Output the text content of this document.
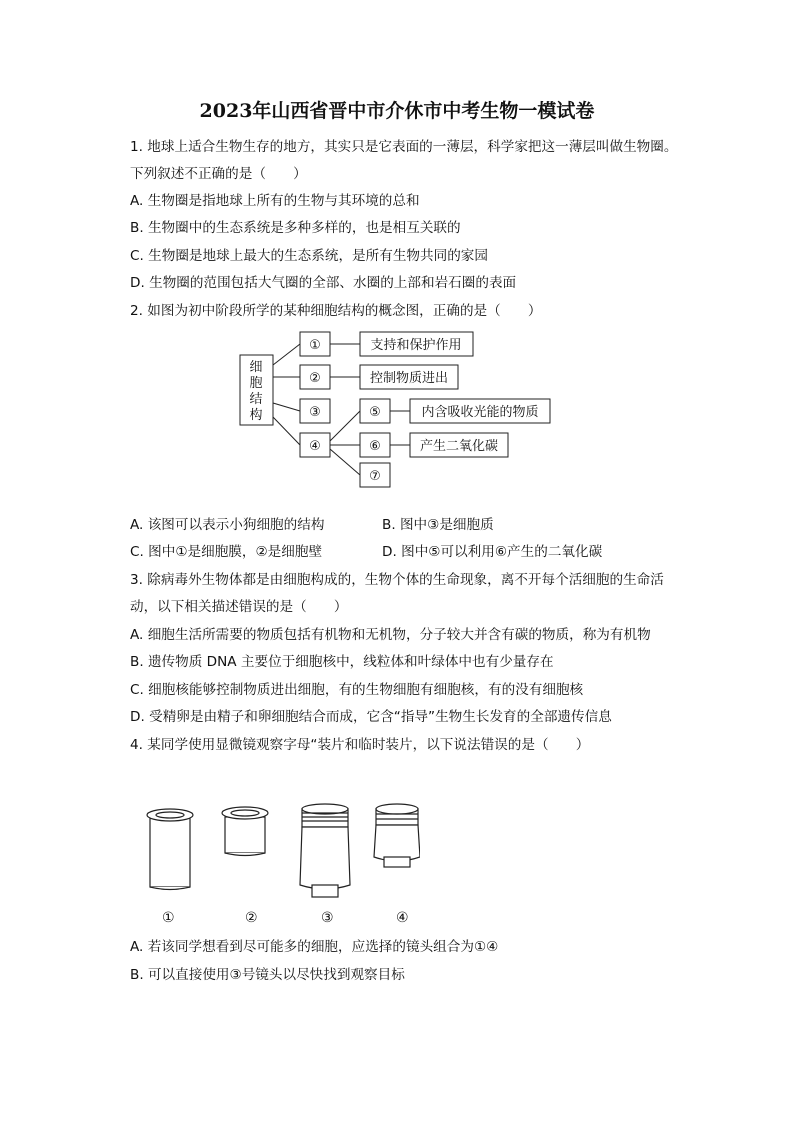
2023年山西省晋中市介休市中考生物一模试卷
1. 地球上适合生物生存的地方，其实只是它表面的一薄层，科学家把这一薄层叫做生物圈。
下列叙述不正确的是（　　）
A. 生物圈是指地球上所有的生物与其环境的总和
B. 生物圈中的生态系统是多种多样的，也是相互关联的
C. 生物圈是地球上最大的生态系统，是所有生物共同的家园
D. 生物圈的范围包括大气圈的全部、水圈的上部和岩石圈的表面
2. 如图为初中阶段所学的某种细胞结构的概念图，正确的是（　　）
细
胞
结
构
①
②
③
④
⑤
⑥
⑦
支持和保护作用
控制物质进出
内含吸收光能的物质
产生二氧化碳
A. 该图可以表示小狗细胞的结构	B. 图中③是细胞质
C. 图中①是细胞膜，②是细胞壁	D. 图中⑤可以利用⑥产生的二氧化碳
3. 除病毒外生物体都是由细胞构成的，生物个体的生命现象，离不开每个活细胞的生命活
动，以下相关描述错误的是（　　）
A. 细胞生活所需要的物质包括有机物和无机物，分子较大并含有碳的物质，称为有机物
B. 遗传物质 DNA 主要位于细胞核中，线粒体和叶绿体中也有少量存在
C. 细胞核能够控制物质进出细胞，有的生物细胞有细胞核，有的没有细胞核
D. 受精卵是由精子和卵细胞结合而成，它含“指导”生物生长发育的全部遗传信息
4. 某同学使用显微镜观察字母“装片和临时装片，以下说法错误的是（　　）
①	②	③	④
A. 若该同学想看到尽可能多的细胞，应选择的镜头组合为①④
B. 可以直接使用③号镜头以尽快找到观察目标
